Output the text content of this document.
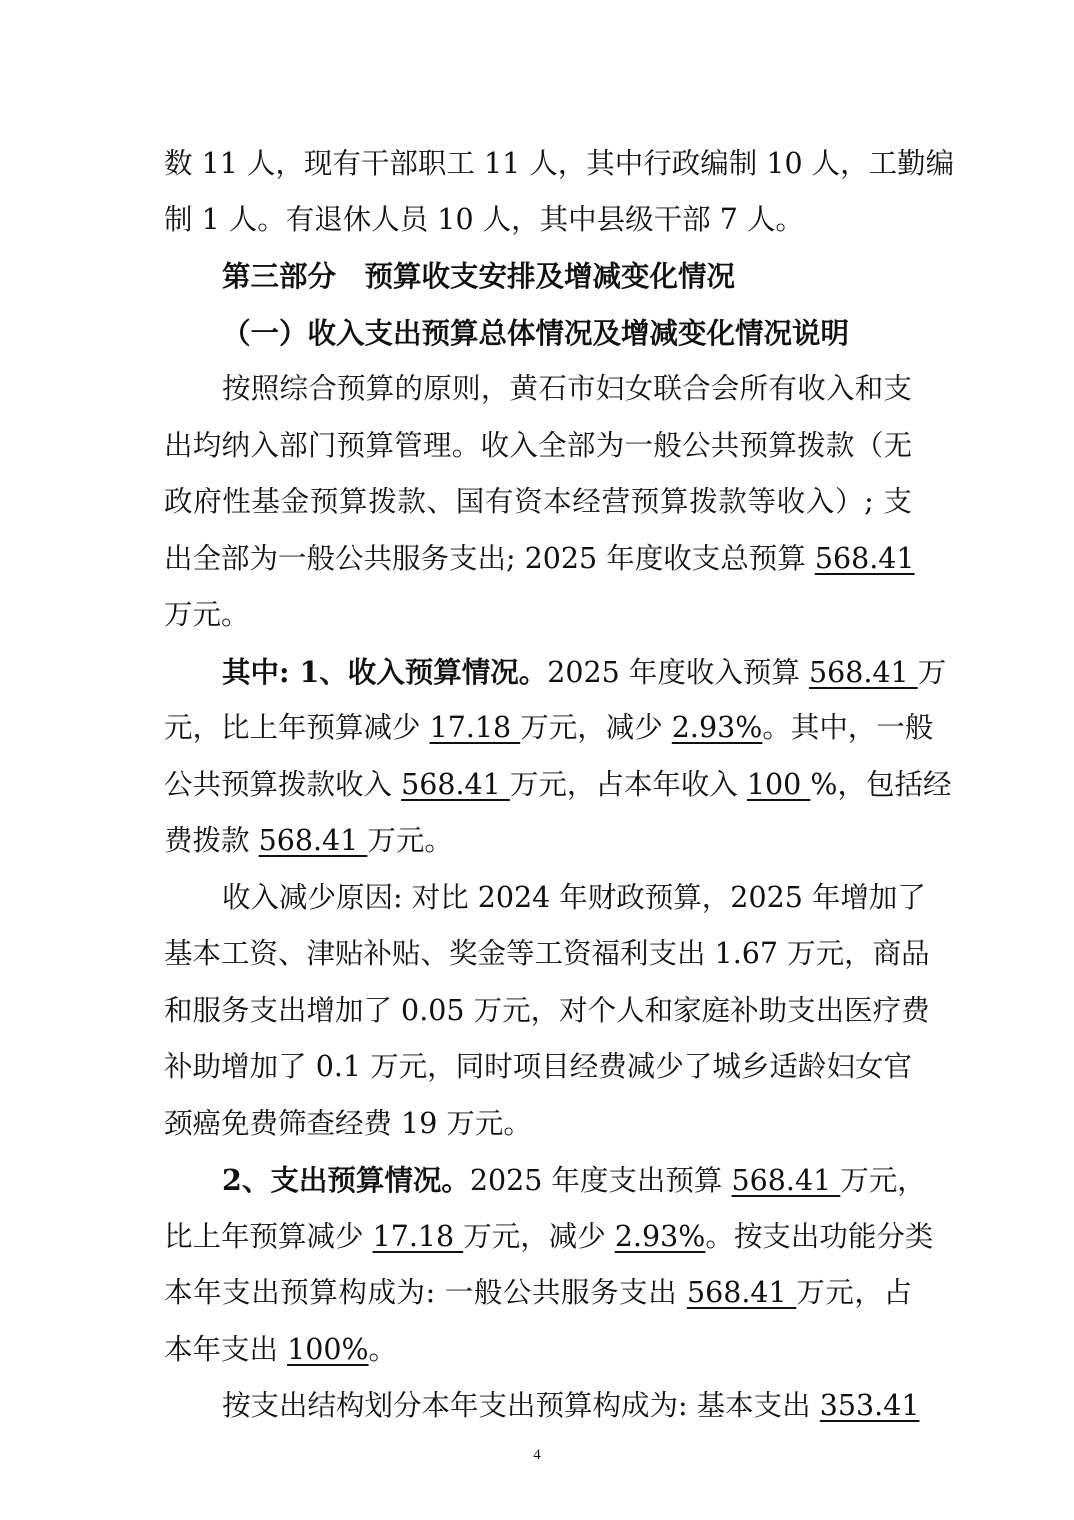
数 11 人，现有干部职工 11 人，其中行政编制 10 人，工勤编
制 1 人。有退休人员 10 人，其中县级干部 7 人。
第三部分　预算收支安排及增减变化情况
（一）收入支出预算总体情况及增减变化情况说明
按照综合预算的原则，黄石市妇女联合会所有收入和支
出均纳入部门预算管理。收入全部为一般公共预算拨款（无
政府性基金预算拨款、国有资本经营预算拨款等收入）; 支
出全部为一般公共服务支出; 2025 年度收支总预算 568.41
万元。
其中: 1、收入预算情况。2025 年度收入预算 568.41 万
元，比上年预算减少 17.18 万元，减少 2.93%。其中，一般
公共预算拨款收入 568.41 万元，占本年收入 100 %，包括经
费拨款 568.41 万元。
收入减少原因: 对比 2024 年财政预算，2025 年增加了
基本工资、津贴补贴、奖金等工资福利支出 1.67 万元，商品
和服务支出增加了 0.05 万元，对个人和家庭补助支出医疗费
补助增加了 0.1 万元，同时项目经费减少了城乡适龄妇女官
颈癌免费筛查经费 19 万元。
2、支出预算情况。2025 年度支出预算 568.41 万元，
比上年预算减少 17.18 万元，减少 2.93%。按支出功能分类
本年支出预算构成为: 一般公共服务支出 568.41 万元，占
本年支出 100%。
按支出结构划分本年支出预算构成为: 基本支出 353.41
4
